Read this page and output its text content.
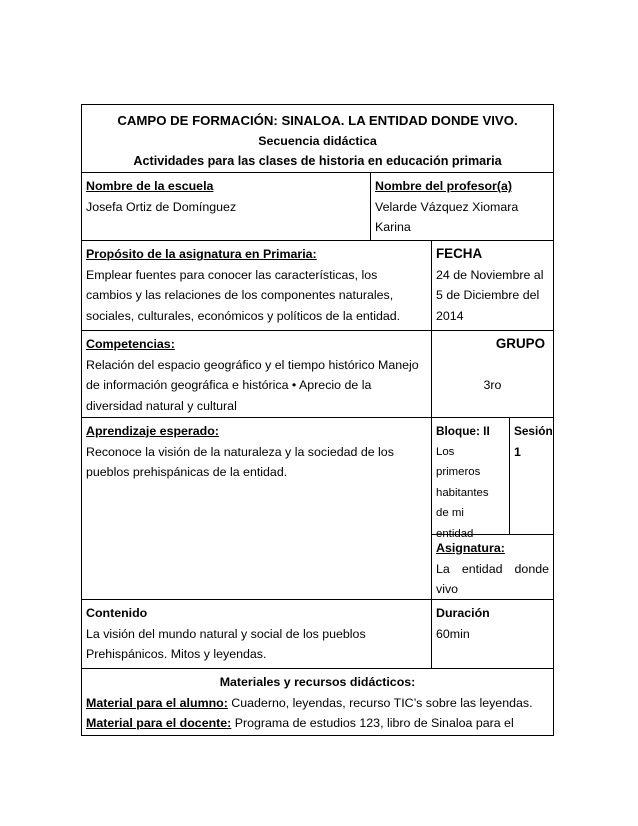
CAMPO DE FORMACIÓN: SINALOA. LA ENTIDAD DONDE VIVO.
Secuencia didáctica
Actividades para las clases de historia en educación primaria
Nombre de la escuela
Josefa Ortiz de Domínguez
Nombre del profesor(a)
Velarde Vázquez Xiomara
Karina
Propósito de la asignatura en Primaria:
Emplear fuentes para conocer las características, los
cambios y las relaciones de los componentes naturales,
sociales, culturales, económicos y políticos de la entidad.
FECHA
24 de Noviembre al
5 de Diciembre del
2014
Competencias:
Relación del espacio geográfico y el tiempo histórico Manejo
de información geográfica e histórica • Aprecio de la
diversidad natural y cultural
GRUPO
3ro
Aprendizaje esperado:
Reconoce la visión de la naturaleza y la sociedad de los
pueblos prehispánicas de la entidad.
Bloque: II
Los
primeros
habitantes
de mi
entidad
Sesión
1
Asignatura:
La  entidad  donde
vivo
Contenido
La visión del mundo natural y social de los pueblos
Prehispánicos. Mitos y leyendas.
Duración
60min
Materiales y recursos didácticos:
Material para el alumno: Cuaderno, leyendas, recurso TIC’s sobre las leyendas.
Material para el docente: Programa de estudios 123, libro de Sinaloa para el
